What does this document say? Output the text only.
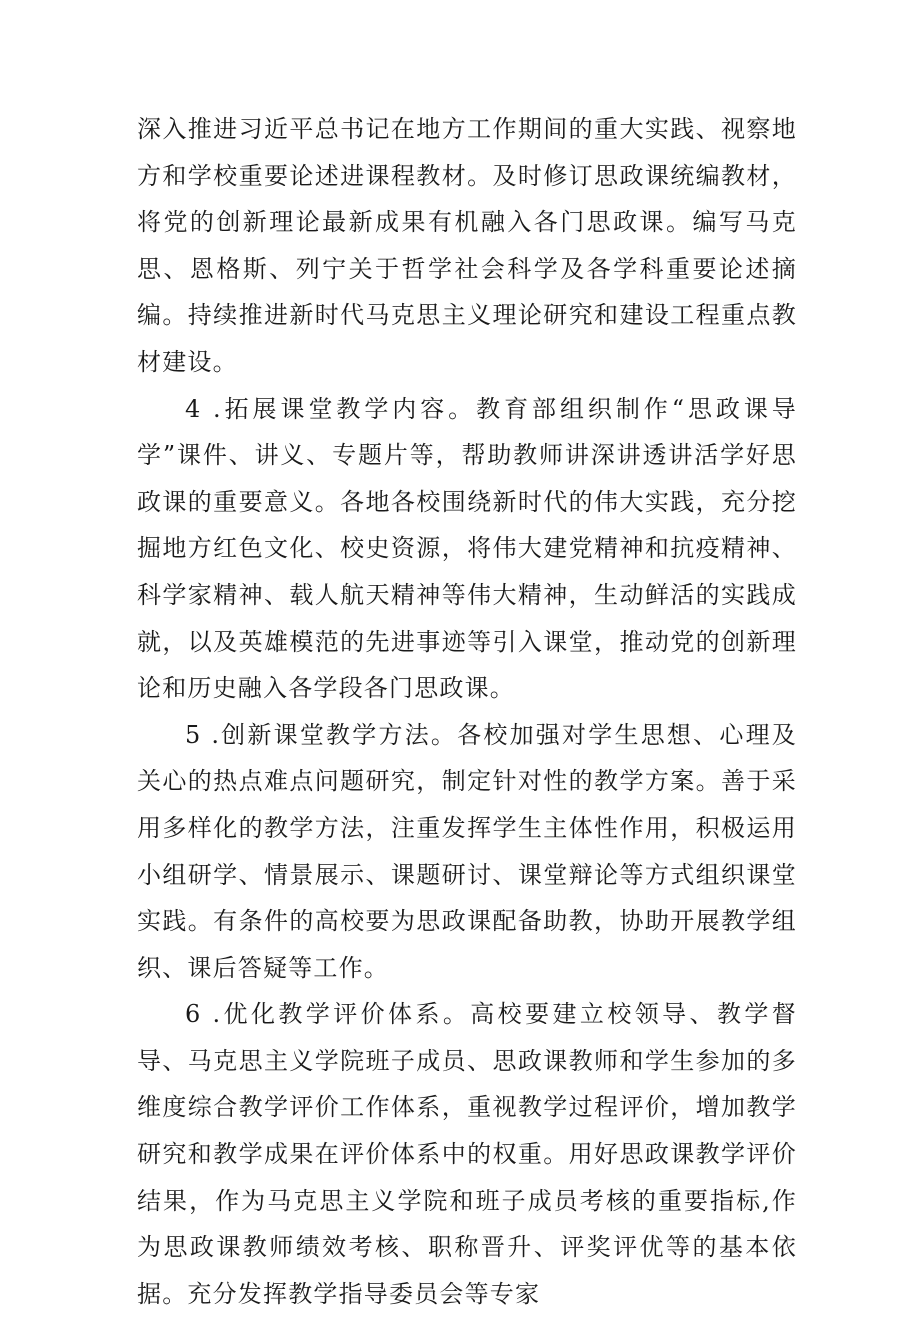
深入推进习近平总书记在地方工作期间的重大实践、视察地方和学校重要论述进课程教材。及时修订思政课统编教材，将党的创新理论最新成果有机融入各门思政课。编写马克思、恩格斯、列宁关于哲学社会科学及各学科重要论述摘编。持续推进新时代马克思主义理论研究和建设工程重点教材建设。

4 .拓展课堂教学内容。教育部组织制作“思政课导学”课件、讲义、专题片等，帮助教师讲深讲透讲活学好思政课的重要意义。各地各校围绕新时代的伟大实践，充分挖掘地方红色文化、校史资源，将伟大建党精神和抗疫精神、科学家精神、载人航天精神等伟大精神，生动鲜活的实践成就，以及英雄模范的先进事迹等引入课堂，推动党的创新理论和历史融入各学段各门思政课。

5 .创新课堂教学方法。各校加强对学生思想、心理及关心的热点难点问题研究，制定针对性的教学方案。善于采用多样化的教学方法，注重发挥学生主体性作用，积极运用小组研学、情景展示、课题研讨、课堂辩论等方式组织课堂实践。有条件的高校要为思政课配备助教，协助开展教学组织、课后答疑等工作。

6 .优化教学评价体系。高校要建立校领导、教学督导、马克思主义学院班子成员、思政课教师和学生参加的多维度综合教学评价工作体系，重视教学过程评价，增加教学研究和教学成果在评价体系中的权重。用好思政课教学评价结果，作为马克思主义学院和班子成员考核的重要指标,作为思政课教师绩效考核、职称晋升、评奖评优等的基本依据。充分发挥教学指导委员会等专家
